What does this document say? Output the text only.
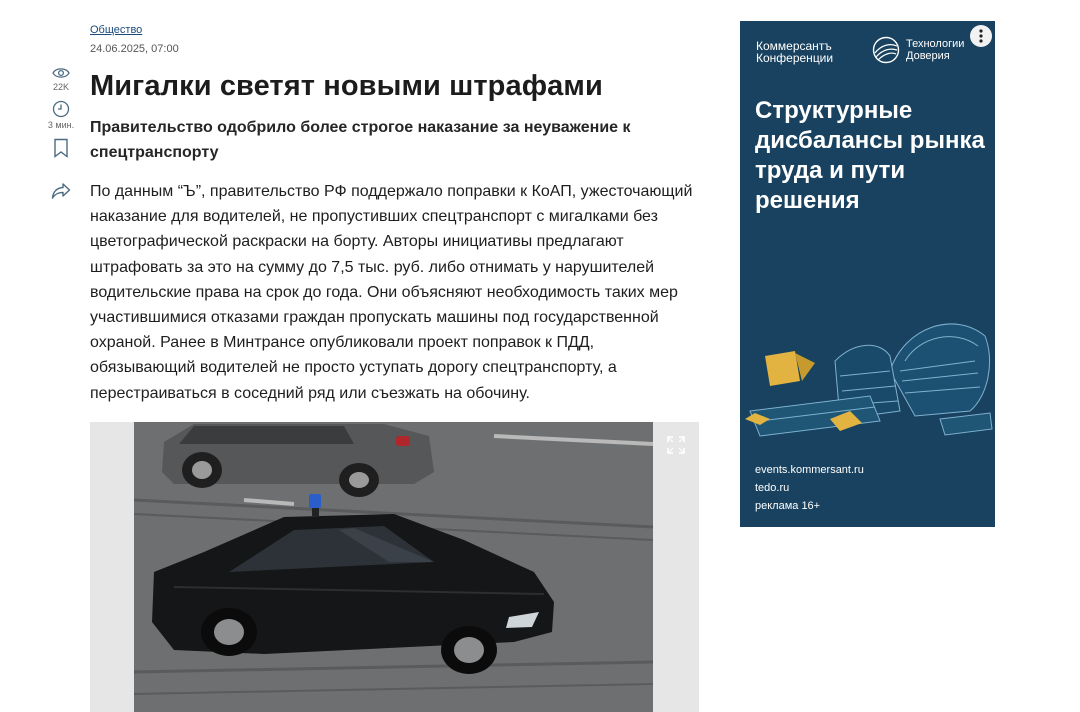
22K
3 мин.
Общество
24.06.2025, 07:00
Мигалки светят новыми штрафами
Правительство одобрило более строгое наказание за неуважение к спецтранспорту
По данным “Ъ”, правительство РФ поддержало поправки к КоАП, ужесточающий наказание для водителей, не пропустивших спецтранспорт с мигалками без цветографической раскраски на борту. Авторы инициативы предлагают штрафовать за это на сумму до 7,5 тыс. руб. либо отнимать у нарушителей водительские права на срок до года. Они объясняют необходимость таких мер участившимися отказами граждан пропускать машины под государственной охраной. Ранее в Минтрансе опубликовали проект поправок к ПДД, обязывающий водителей не просто уступать дорогу спецтранспорту, а перестраиваться в соседний ряд или съезжать на обочину.
Коммерсантъ
Конференции
Технологии
Доверия
Структурные дисбалансы рынка труда и пути решения
events.kommersant.ru
tedo.ru
реклама 16+
